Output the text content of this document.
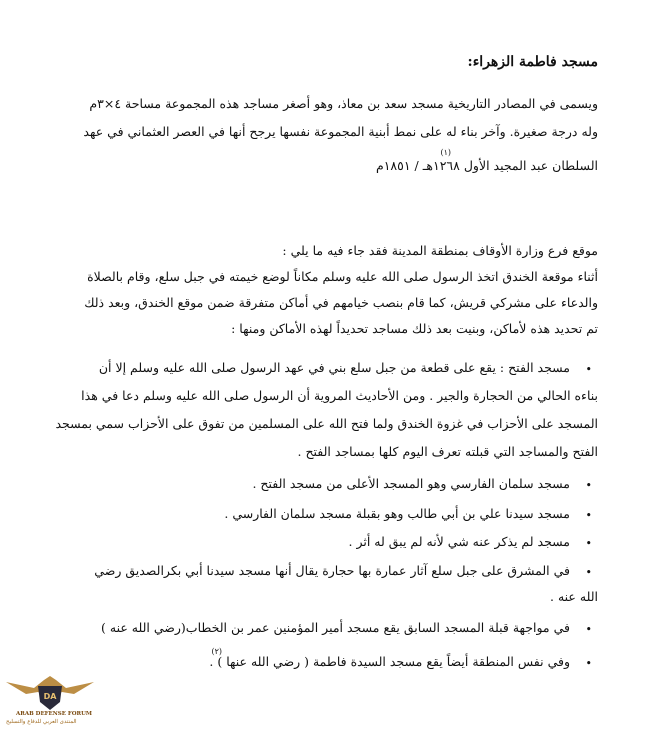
مسجد فاطمة الزهراء:
ويسمى في المصادر التاريخية مسجد سعد بن معاذ، وهو أصغر مساجد هذه المجموعة مساحة ٤×٣م
وله درجة صغيرة. وآخر بناء له على نمط أبنية المجموعة نفسها يرجح أنها في العصر العثماني في عهد
(١)
السلطان عبد المجيد الأول ١٢٦٨هـ / ١٨٥١م
موقع فرع وزارة الأوقاف بمنطقة المدينة فقد جاء فيه ما يلي :
أثناء موقعة الخندق اتخذ الرسول صلى الله عليه وسلم مكاناً لوضع خيمته في جبل سلع، وقام بالصلاة
والدعاء على مشركي قريش، كما قام بنصب خيامهم في أماكن متفرقة ضمن موقع الخندق، وبعد ذلك
تم تحديد هذه لأماكن، وبنيت بعد ذلك مساجد تحديداً لهذه الأماكن ومنها :
•
مسجد الفتح : يقع على قطعة من جبل سلع بني في عهد الرسول صلى الله عليه وسلم إلا أن
بناءه الحالي من الحجارة والجير . ومن الأحاديث المروية أن الرسول صلى الله عليه وسلم دعا في هذا
المسجد على الأحزاب في غزوة الخندق ولما فتح الله على المسلمين من تفوق على الأحزاب سمي بمسجد
الفتح والمساجد التي قبلته تعرف اليوم كلها بمساجد الفتح .
•
مسجد سلمان الفارسي وهو المسجد الأعلى من مسجد الفتح .
•
مسجد سيدنا علي بن أبي طالب وهو بقبلة مسجد سلمان الفارسي .
•
مسجد لم يذكر عنه شي لأنه لم يبق له أثر .
•
في المشرق على جبل سلع آثار عمارة بها حجارة يقال أنها مسجد سيدنا أبي بكرالصديق رضي
الله عنه .
•
في مواجهة قبلة المسجد السابق يقع مسجد أمير المؤمنين عمر بن الخطاب(رضي الله عنه )
(٢)
•
وفي نفس المنطقة أيضاً يقع مسجد السيدة فاطمة ( رضي الله عنها ) .
DA
ARAB DEFENSE FORUM
المنتدى العربي للدفاع والتسليح
